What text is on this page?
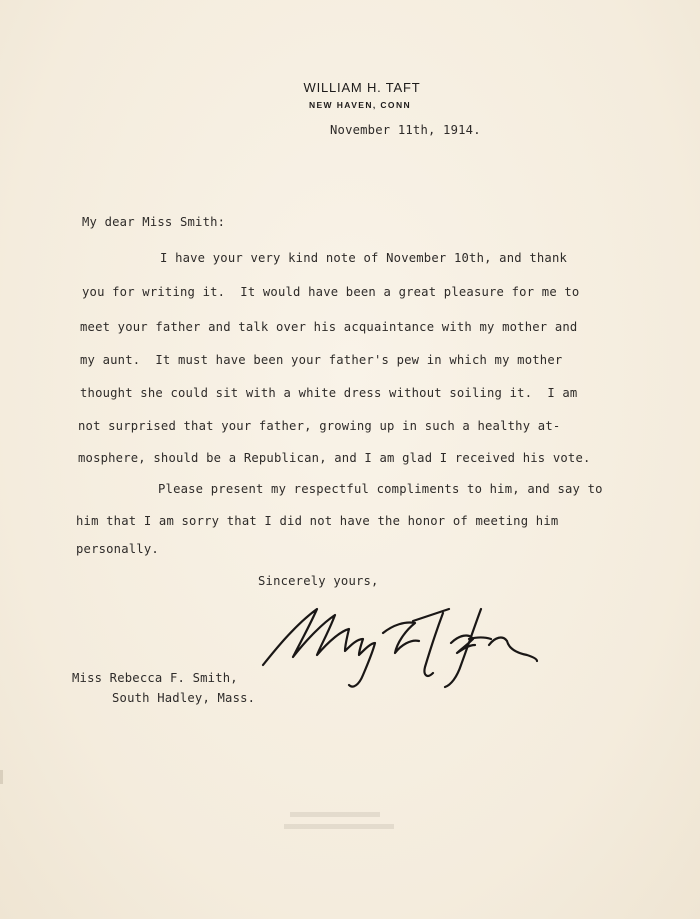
WILLIAM H. TAFT
NEW HAVEN, CONN
November 11th, 1914.
My dear Miss Smith:
I have your very kind note of November 10th, and thank
you for writing it.  It would have been a great pleasure for me to
meet your father and talk over his acquaintance with my mother and
my aunt.  It must have been your father's pew in which my mother
thought she could sit with a white dress without soiling it.  I am
not surprised that your father, growing up in such a healthy at-
mosphere, should be a Republican, and I am glad I received his vote.
Please present my respectful compliments to him, and say to
him that I am sorry that I did not have the honor of meeting him
personally.
Sincerely yours,
Miss Rebecca F. Smith,
South Hadley, Mass.
